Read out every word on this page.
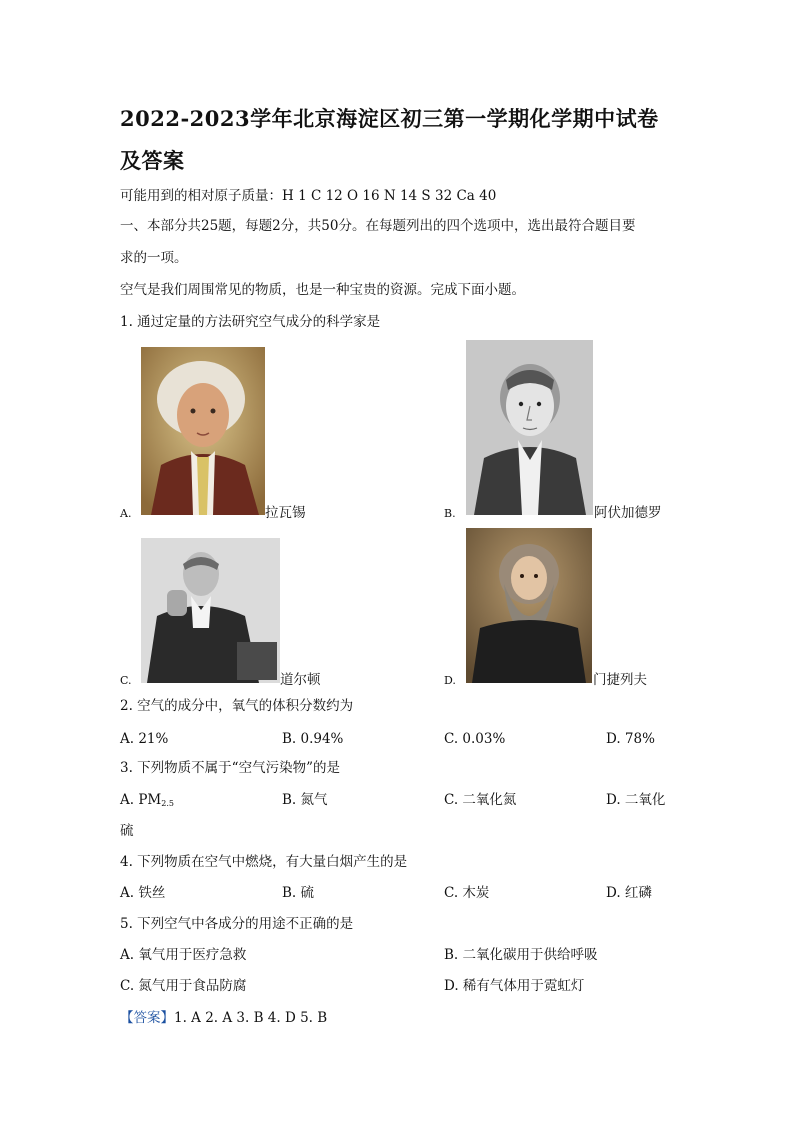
2022-2023学年北京海淀区初三第一学期化学期中试卷及答案
可能用到的相对原子质量：H 1 C 12 O 16 N 14 S 32 Ca 40
一、本部分共25题，每题2分，共50分。在每题列出的四个选项中，选出最符合题目要
求的一项。
空气是我们周围常见的物质，也是一种宝贵的资源。完成下面小题。
1. 通过定量的方法研究空气成分的科学家是
A.	拉瓦锡	B.	阿伏加德罗
C.	道尔顿	D.	门捷列夫
2. 空气的成分中，氧气的体积分数约为
A. 21%	B. 0.94%	C. 0.03%	D. 78%
3. 下列物质不属于“空气污染物”的是
A. $PM_{2.5}$	B. 氮气	C. 二氧化氮	D. 二氧化
硫
4. 下列物质在空气中燃烧，有大量白烟产生的是
A. 铁丝	B. 硫	C. 木炭	D. 红磷
5. 下列空气中各成分的用途不正确的是
A. 氧气用于医疗急救	B. 二氧化碳用于供给呼吸
C. 氮气用于食品防腐	D. 稀有气体用于霓虹灯
【答案】1. A 2. A 3. B 4. D 5. B
